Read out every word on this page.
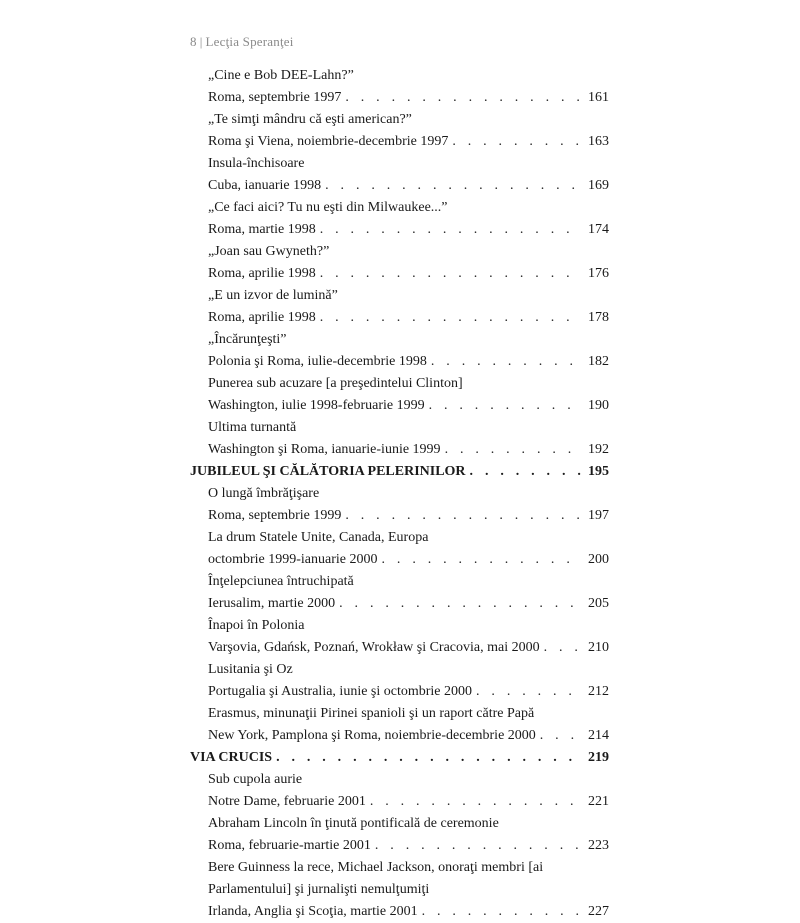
8 | Lecţia Speranţei
„Cine e Bob DEE-Lahn?”
Roma, septembrie 1997 . . .	161
„Te simţi mândru că eşti american?”
Roma şi Viena, noiembrie-decembrie 1997 . . .	163
Insula-închisoare
Cuba, ianuarie 1998 . . .	169
„Ce faci aici? Tu nu eşti din Milwaukee...”
Roma, martie 1998 . . .	174
„Joan sau Gwyneth?”
Roma, aprilie 1998 . . .	176
„E un izvor de lumină”
Roma, aprilie 1998 . . .	178
„Încărunţeşti”
Polonia şi Roma, iulie-decembrie 1998 . . .	182
Punerea sub acuzare [a preşedintelui Clinton]
Washington, iulie 1998-februarie 1999 . . .	190
Ultima turnantă
Washington şi Roma, ianuarie-iunie 1999 . . .	192
JUBILEUL ŞI CĂLĂTORIA PELERINILOR . . .	195
O lungă îmbrăţişare
Roma, septembrie 1999 . . .	197
La drum Statele Unite, Canada, Europa
octombrie 1999-ianuarie 2000 . . .	200
Înţelepciunea întruchipată
Ierusalim, martie 2000 . . .	205
Înapoi în Polonia
Varşovia, Gdańsk, Poznań, Wrokław şi Cracovia, mai 2000 . . .	210
Lusitania şi Oz
Portugalia şi Australia, iunie şi octombrie 2000 . . .	212
Erasmus, minunaţii Pirinei spanioli şi un raport către Papă
New York, Pamplona şi Roma, noiembrie-decembrie 2000 . . .	214
VIA CRUCIS . . .	219
Sub cupola aurie
Notre Dame, februarie 2001 . . .	221
Abraham Lincoln în ţinută pontificală de ceremonie
Roma, februarie-martie 2001 . . .	223
Bere Guinness la rece, Michael Jackson, onoraţi membri [ai
Parlamentului] şi jurnalişti nemulţumiţi
Irlanda, Anglia şi Scoţia, martie 2001 . . .	227
